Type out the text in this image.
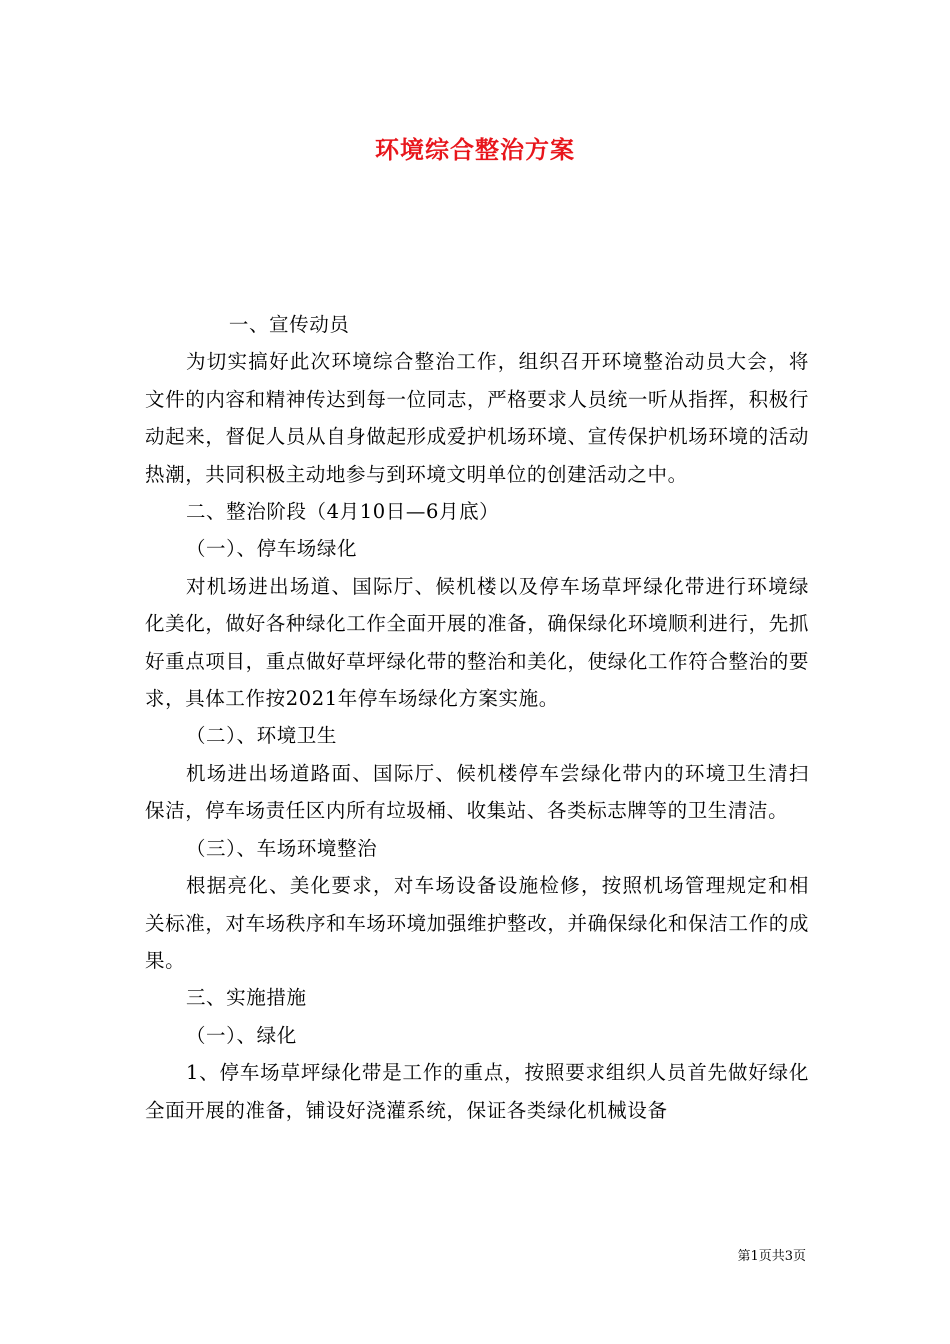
环境综合整治方案

一、宣传动员

为切实搞好此次环境综合整治工作，组织召开环境整治动员大会，将文件的内容和精神传达到每一位同志，严格要求人员统一听从指挥，积极行动起来，督促人员从自身做起形成爱护机场环境、宣传保护机场环境的活动热潮，共同积极主动地参与到环境文明单位的创建活动之中。

二、整治阶段（4月10日—6月底）

（一）、停车场绿化

对机场进出场道、国际厅、候机楼以及停车场草坪绿化带进行环境绿化美化，做好各种绿化工作全面开展的准备，确保绿化环境顺利进行，先抓好重点项目，重点做好草坪绿化带的整治和美化，使绿化工作符合整治的要求，具体工作按2021年停车场绿化方案实施。

（二）、环境卫生

机场进出场道路面、国际厅、候机楼停车尝绿化带内的环境卫生清扫保洁，停车场责任区内所有垃圾桶、收集站、各类标志牌等的卫生清洁。

（三）、车场环境整治

根据亮化、美化要求，对车场设备设施检修，按照机场管理规定和相关标准，对车场秩序和车场环境加强维护整改，并确保绿化和保洁工作的成果。

三、实施措施

（一）、绿化

1、停车场草坪绿化带是工作的重点，按照要求组织人员首先做好绿化全面开展的准备，铺设好浇灌系统，保证各类绿化机械设备

第1页共3页
